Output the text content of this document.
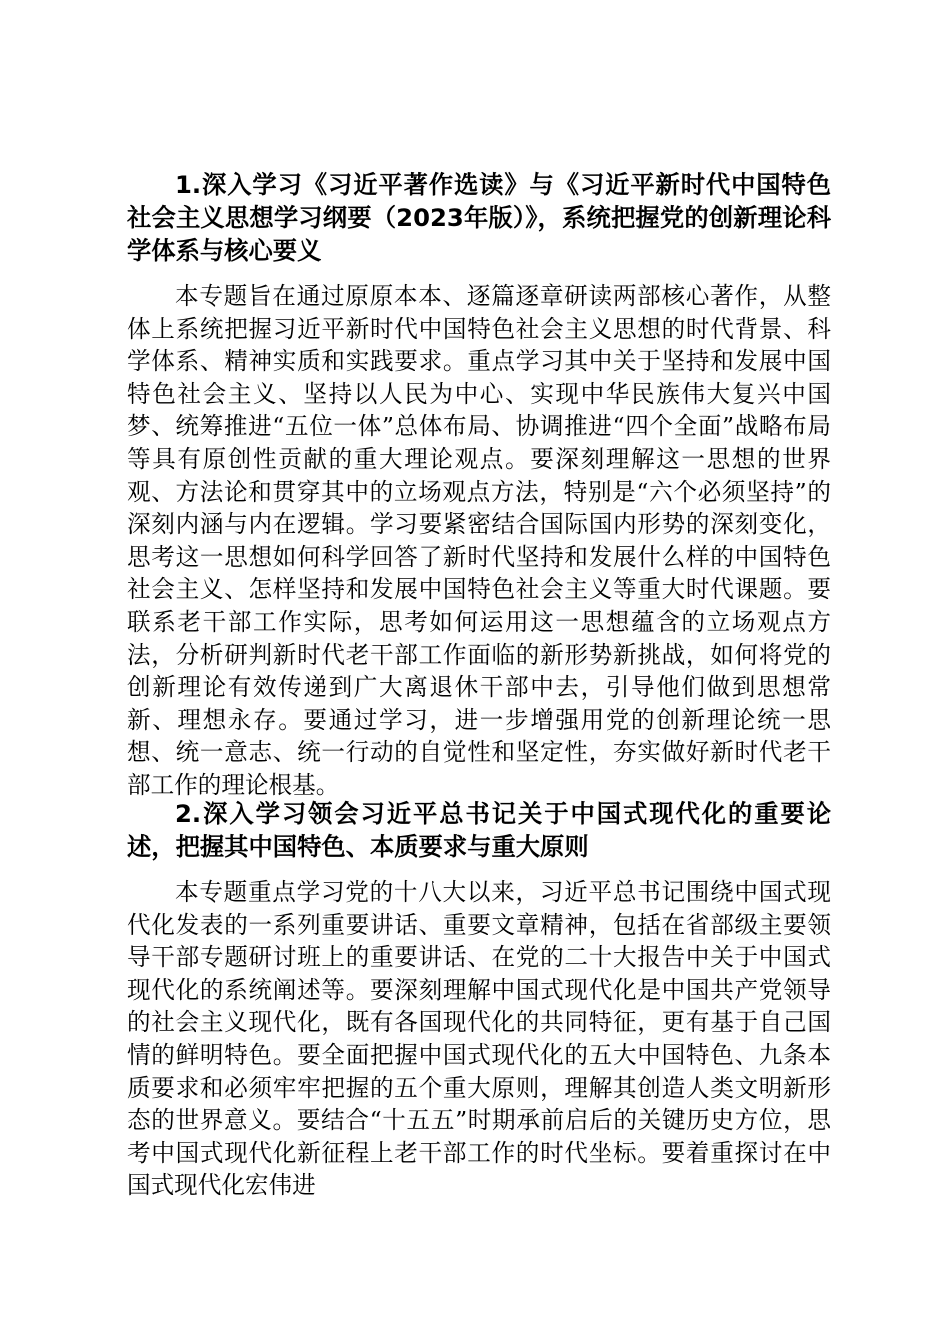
1.深入学习《习近平著作选读》与《习近平新时代中国特色社会主义思想学习纲要（2023年版）》，系统把握党的创新理论科学体系与核心要义

本专题旨在通过原原本本、逐篇逐章研读两部核心著作，从整体上系统把握习近平新时代中国特色社会主义思想的时代背景、科学体系、精神实质和实践要求。重点学习其中关于坚持和发展中国特色社会主义、坚持以人民为中心、实现中华民族伟大复兴中国梦、统筹推进“五位一体”总体布局、协调推进“四个全面”战略布局等具有原创性贡献的重大理论观点。要深刻理解这一思想的世界观、方法论和贯穿其中的立场观点方法，特别是“六个必须坚持”的深刻内涵与内在逻辑。学习要紧密结合国际国内形势的深刻变化，思考这一思想如何科学回答了新时代坚持和发展什么样的中国特色社会主义、怎样坚持和发展中国特色社会主义等重大时代课题。要联系老干部工作实际，思考如何运用这一思想蕴含的立场观点方法，分析研判新时代老干部工作面临的新形势新挑战，如何将党的创新理论有效传递到广大离退休干部中去，引导他们做到思想常新、理想永存。要通过学习，进一步增强用党的创新理论统一思想、统一意志、统一行动的自觉性和坚定性，夯实做好新时代老干部工作的理论根基。

2.深入学习领会习近平总书记关于中国式现代化的重要论述，把握其中国特色、本质要求与重大原则

本专题重点学习党的十八大以来，习近平总书记围绕中国式现代化发表的一系列重要讲话、重要文章精神，包括在省部级主要领导干部专题研讨班上的重要讲话、在党的二十大报告中关于中国式现代化的系统阐述等。要深刻理解中国式现代化是中国共产党领导的社会主义现代化，既有各国现代化的共同特征，更有基于自己国情的鲜明特色。要全面把握中国式现代化的五大中国特色、九条本质要求和必须牢牢把握的五个重大原则，理解其创造人类文明新形态的世界意义。要结合“十五五”时期承前启后的关键历史方位，思考中国式现代化新征程上老干部工作的时代坐标。要着重探讨在中国式现代化宏伟进
